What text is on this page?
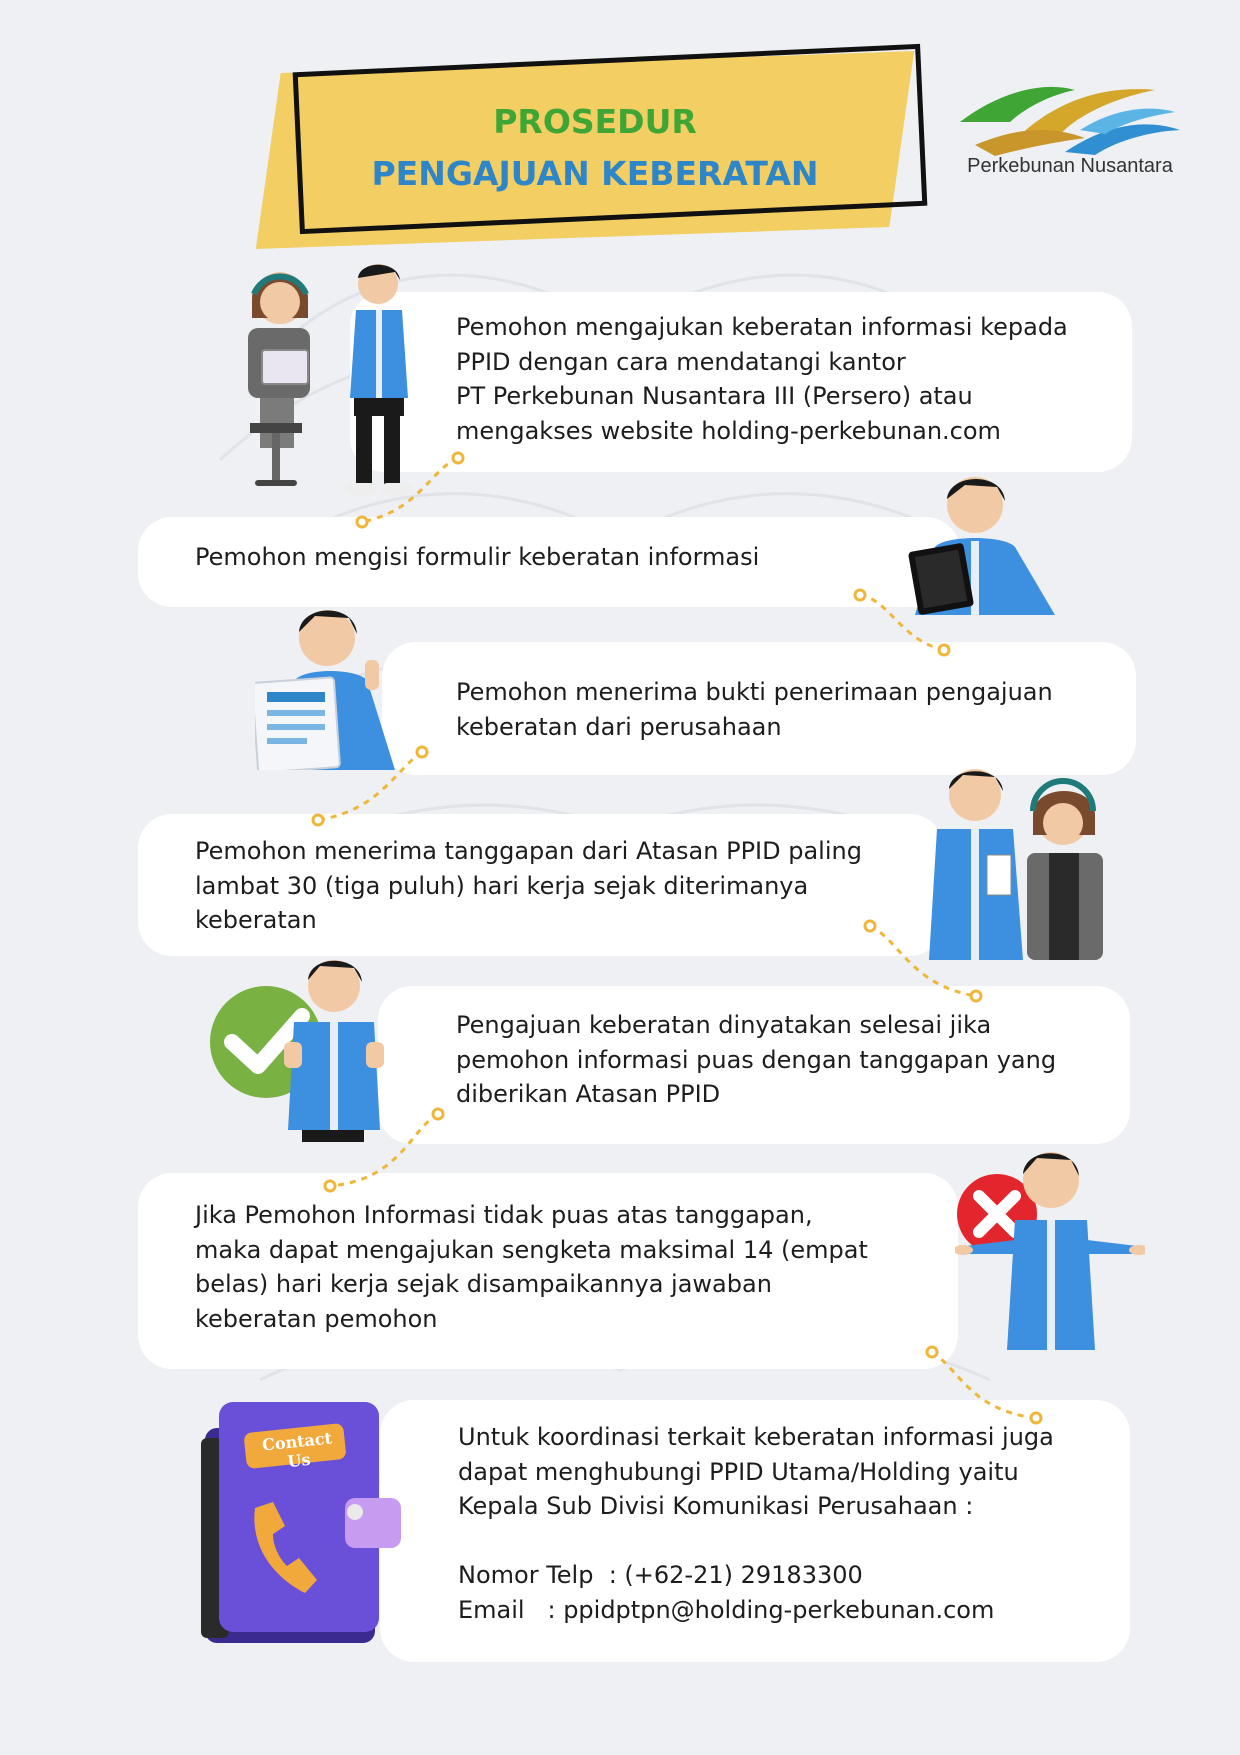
PROSEDUR
PENGAJUAN KEBERATAN	Perkebunan Nusantara
Pemohon mengajukan keberatan informasi kepada
PPID dengan cara mendatangi kantor
PT Perkebunan Nusantara III (Persero) atau
mengakses website holding-perkebunan.com
Pemohon mengisi formulir keberatan informasi
Pemohon menerima bukti penerimaan pengajuan
keberatan dari perusahaan
Pemohon menerima tanggapan dari Atasan PPID paling
lambat 30 (tiga puluh) hari kerja sejak diterimanya
keberatan
Pengajuan keberatan dinyatakan selesai jika
pemohon informasi puas dengan tanggapan yang
diberikan Atasan PPID
Jika Pemohon Informasi tidak puas atas tanggapan,
maka dapat mengajukan sengketa maksimal 14 (empat
belas) hari kerja sejak disampaikannya jawaban
keberatan pemohon
Untuk koordinasi terkait keberatan informasi juga
dapat menghubungi PPID Utama/Holding yaitu
Kepala Sub Divisi Komunikasi Perusahaan :

Nomor Telp  : (+62-21) 29183300
Email   : ppidptpn@holding-perkebunan.com
Contact Us
